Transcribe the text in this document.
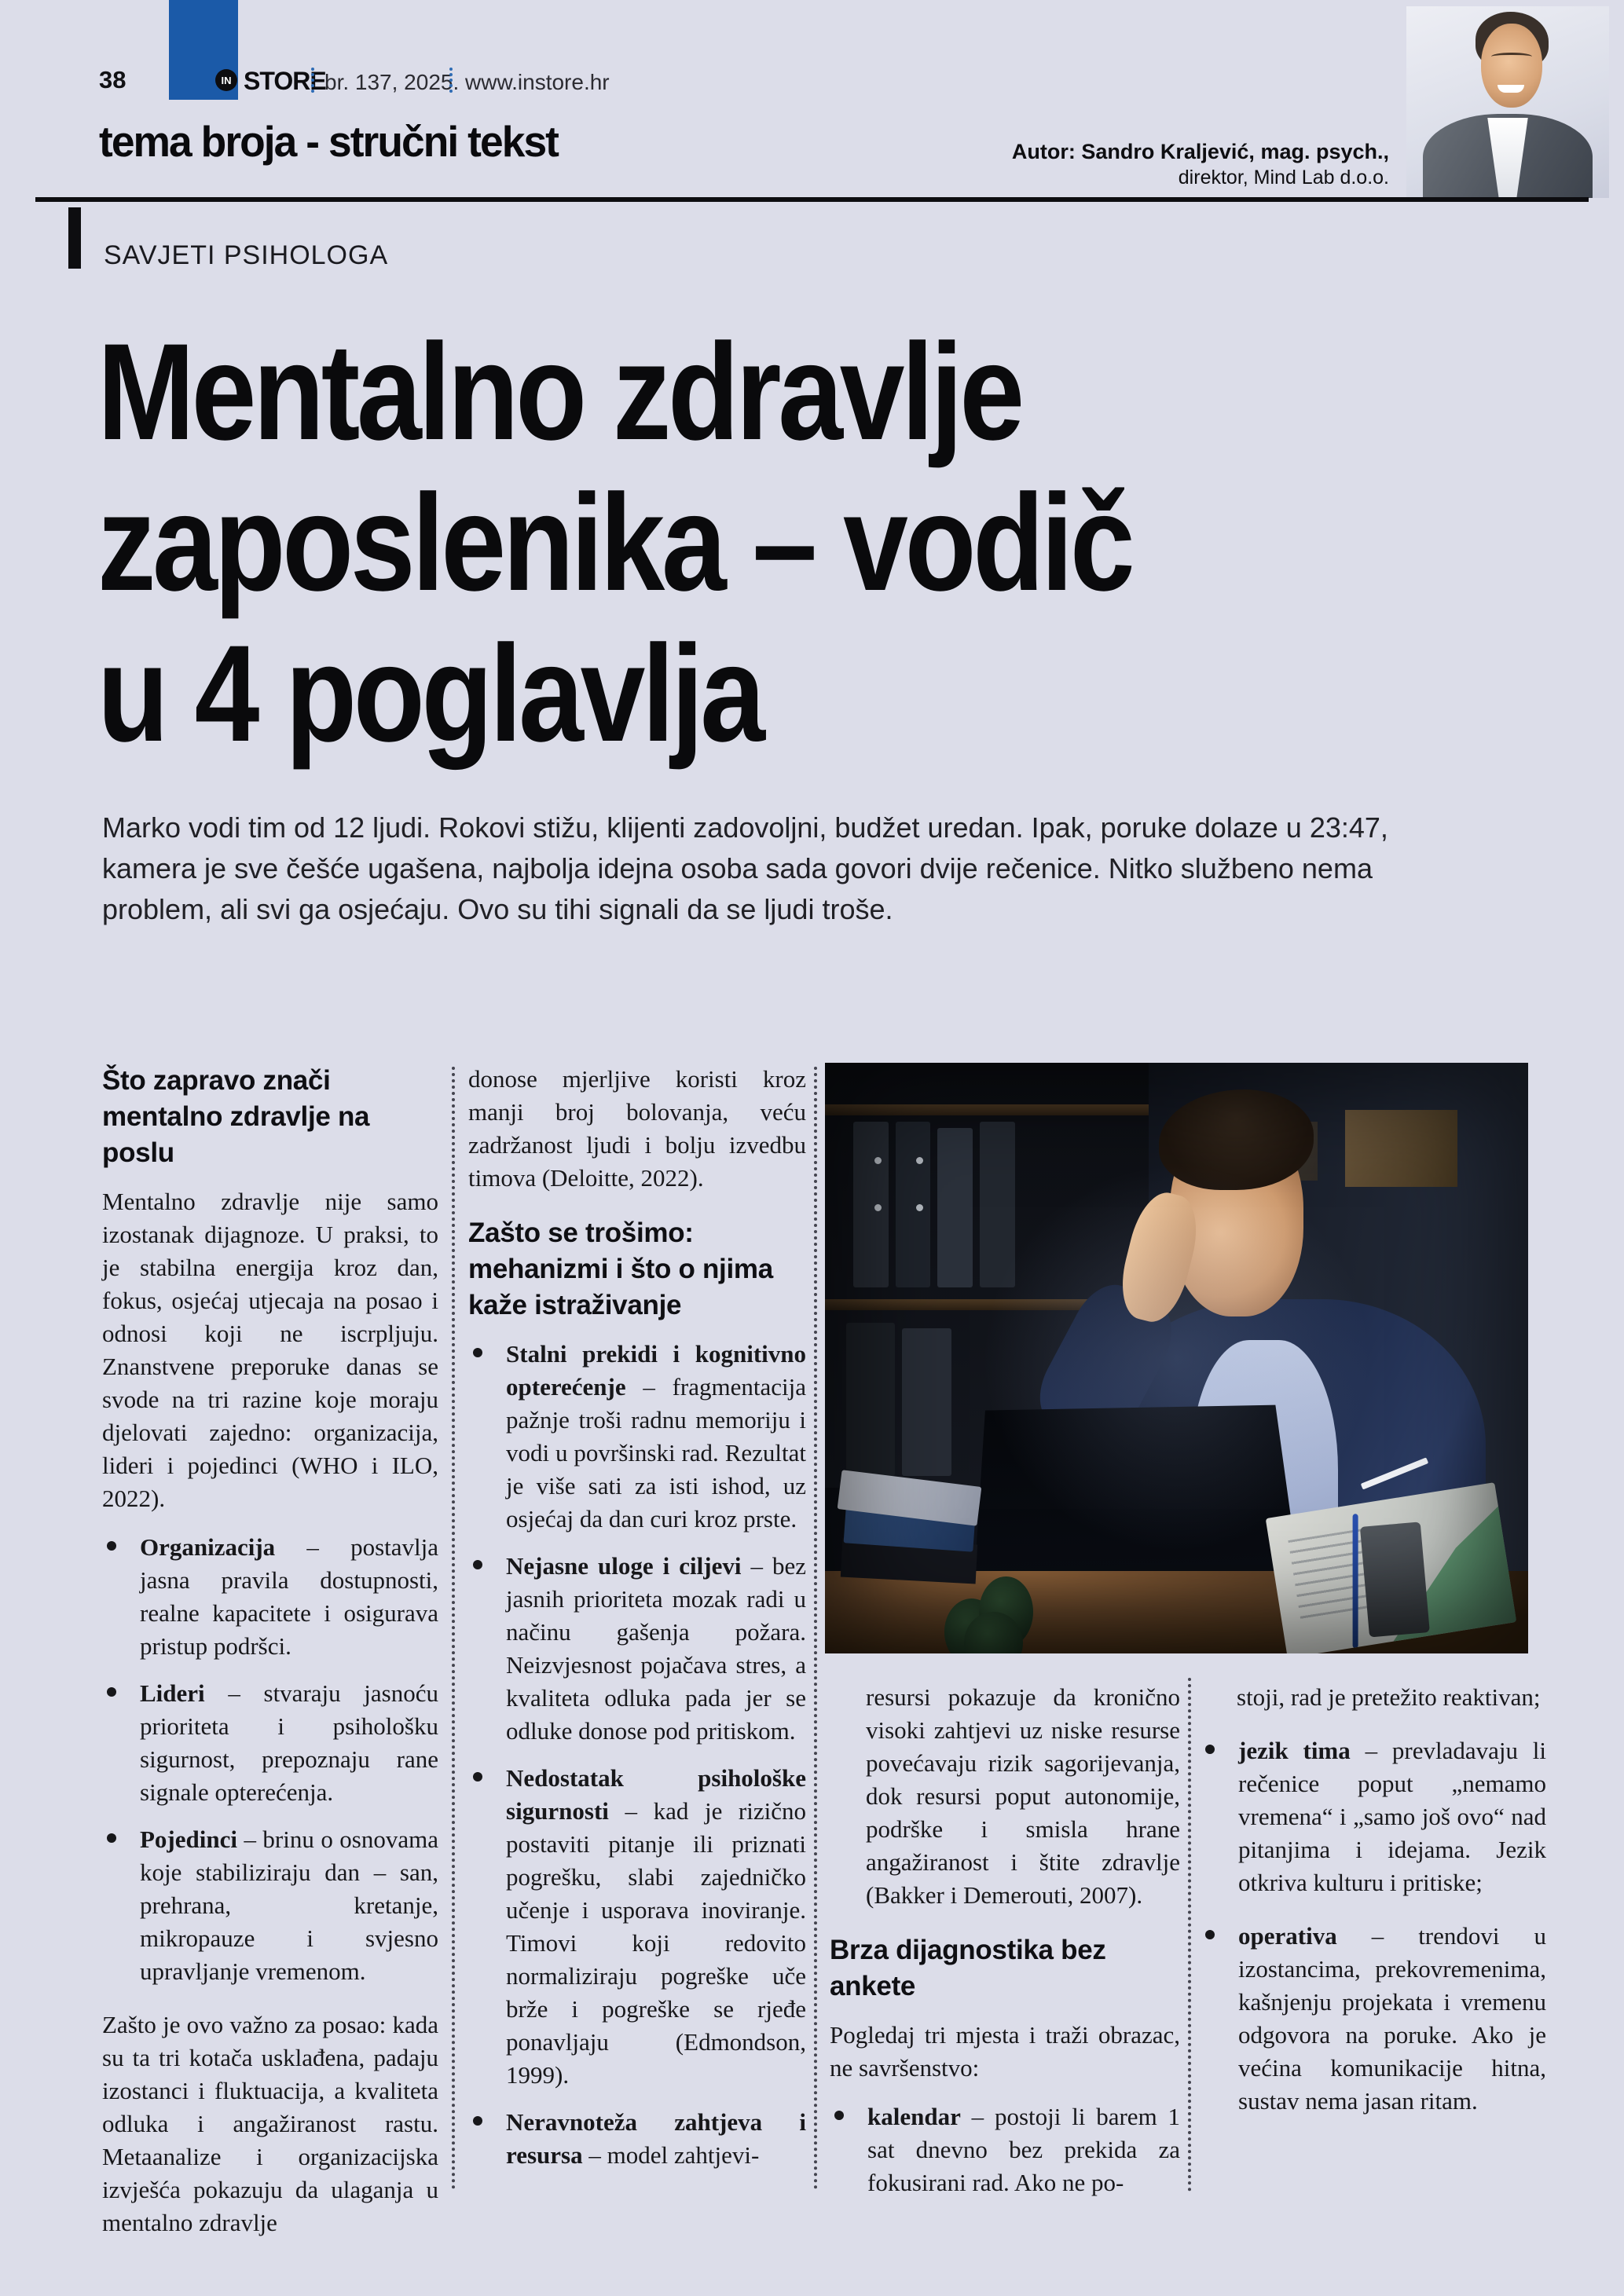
38	IN STORE
br. 137, 2025. www.instore.hr
tema broja - stručni tekst	Autor: Sandro Kraljević, mag. psych.,
direktor, Mind Lab d.o.o.
SAVJETI PSIHOLOGA
Mentalno zdravlje
zaposlenika – vodič
u 4 poglavlja
Marko vodi tim od 12 ljudi. Rokovi stižu, klijenti zadovoljni, budžet uredan. Ipak, poruke dolaze u 23:47, kamera je sve češće ugašena, najbolja idejna osoba sada govori dvije rečenice. Nitko službeno nema problem, ali svi ga osjećaju. Ovo su tihi signali da se ljudi troše.
Što zapravo znači mentalno zdravlje na poslu

Mentalno zdravlje nije samo izostanak dijagnoze. U praksi, to je stabilna energija kroz dan, fokus, osjećaj utjecaja na posao i odnosi koji ne iscrpljuju. Znanstvene preporuke danas se svode na tri razine koje moraju djelovati zajedno: organizacija, lideri i pojedinci (WHO i ILO, 2022).

Organizacija – postavlja jasna pravila dostupnosti, realne kapacitete i osigurava pristup podršci.
Lideri – stvaraju jasnoću prioriteta i psihološku sigurnost, prepoznaju rane signale opterećenja.
Pojedinci – brinu o osnovama koje stabiliziraju dan – san, prehrana, kretanje, mikropauze i svjesno upravljanje vremenom.

Zašto je ovo važno za posao: kada su ta tri kotača usklađena, padaju izostanci i fluktuacija, a kvaliteta odluka i angažiranost rastu. Metaanalize i organizacijska izvješća pokazuju da ulaganja u mentalno zdravlje

donose mjerljive koristi kroz manji broj bolovanja, veću zadržanost ljudi i bolju izvedbu timova (Deloitte, 2022).

Zašto se trošimo: mehanizmi i što o njima kaže istraživanje
Stalni prekidi i kognitivno opterećenje – fragmentacija pažnje troši radnu memoriju i vodi u površinski rad. Rezultat je više sati za isti ishod, uz osjećaj da dan curi kroz prste.
Nejasne uloge i ciljevi – bez jasnih prioriteta mozak radi u načinu gašenja požara. Neizvjesnost pojačava stres, a kvaliteta odluka pada jer se odluke donose pod pritiskom.
Nedostatak psihološke sigurnosti – kad je rizično postaviti pitanje ili priznati pogrešku, slabi zajedničko učenje i usporava inoviranje. Timovi koji redovito normaliziraju pogreške uče brže i pogreške se rjeđe ponavljaju (Edmondson, 1999).
Neravnoteža zahtjeva i resursa – model zahtjevi-

resursi pokazuje da kronično visoki zahtjevi uz niske resurse povećavaju rizik sagorijevanja, dok resursi poput autonomije, podrške i smisla hrane angažiranost i štite zdravlje (Bakker i Demerouti, 2007).

Brza dijagnostika bez ankete

Pogledaj tri mjesta i traži obrazac, ne savršenstvo:

kalendar – postoji li barem 1 sat dnevno bez prekida za fokusirani rad. Ako ne po-

stoji, rad je pretežito reaktivan;

jezik tima – prevladavaju li rečenice poput „nemamo vremena“ i „samo još ovo“ nad pitanjima i idejama. Jezik otkriva kulturu i pritiske;
operativa – trendovi u izostancima, prekovremenima, kašnjenju projekata i vremenu odgovora na poruke. Ako je većina komunikacije hitna, sustav nema jasan ritam.
